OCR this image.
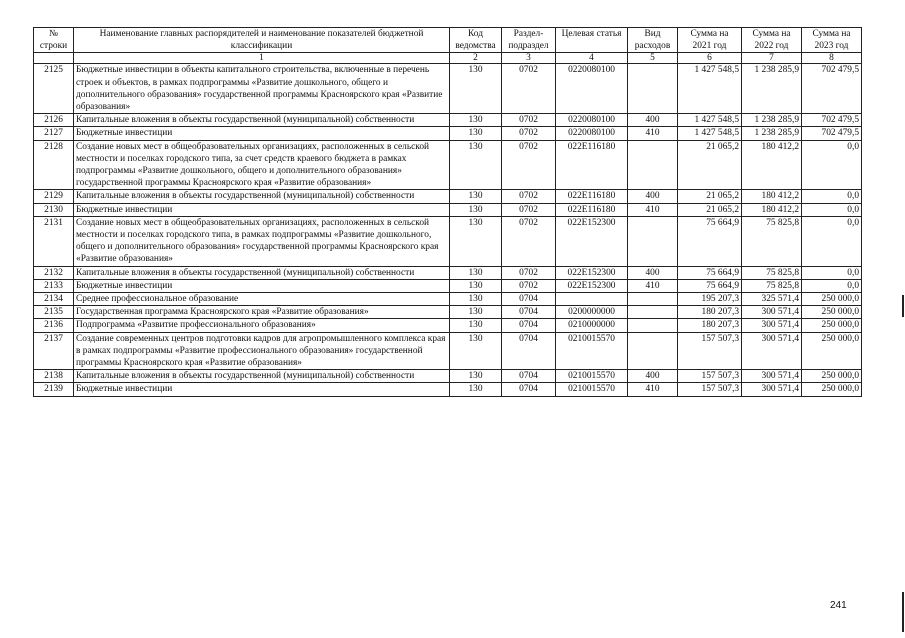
№ строки	Наименование главных распорядителей и наименование показателей бюджетной классификации	Код ведомства	Раздел-подраздел	Целевая статья	Вид расходов	Сумма на 2021 год	Сумма на 2022 год	Сумма на 2023 год
	1	2	3	4	5	6	7	8
2125	Бюджетные инвестиции в объекты капитального строительства, включенные в перечень строек и объектов, в рамках подпрограммы «Развитие дошкольного, общего и дополнительного образования» государственной программы Красноярского края «Развитие образования»	130	0702	0220080100		1 427 548,5	1 238 285,9	702 479,5
2126	Капитальные вложения в объекты государственной (муниципальной) собственности	130	0702	0220080100	400	1 427 548,5	1 238 285,9	702 479,5
2127	Бюджетные инвестиции	130	0702	0220080100	410	1 427 548,5	1 238 285,9	702 479,5
2128	Создание новых мест в общеобразовательных организациях, расположенных в сельской местности и поселках городского типа, за счет средств краевого бюджета в рамках подпрограммы «Развитие дошкольного, общего и дополнительного образования» государственной программы Красноярского края «Развитие образования»	130	0702	022E116180		21 065,2	180 412,2	0,0
2129	Капитальные вложения в объекты государственной (муниципальной) собственности	130	0702	022E116180	400	21 065,2	180 412,2	0,0
2130	Бюджетные инвестиции	130	0702	022E116180	410	21 065,2	180 412,2	0,0
2131	Создание новых мест в общеобразовательных организациях, расположенных в сельской местности и поселках городского типа, в рамках подпрограммы «Развитие дошкольного, общего и дополнительного образования» государственной программы Красноярского края «Развитие образования»	130	0702	022E152300		75 664,9	75 825,8	0,0
2132	Капитальные вложения в объекты государственной (муниципальной) собственности	130	0702	022E152300	400	75 664,9	75 825,8	0,0
2133	Бюджетные инвестиции	130	0702	022E152300	410	75 664,9	75 825,8	0,0
2134	Среднее профессиональное образование	130	0704			195 207,3	325 571,4	250 000,0
2135	Государственная программа Красноярского края «Развитие образования»	130	0704	0200000000		180 207,3	300 571,4	250 000,0
2136	Подпрограмма «Развитие профессионального образования»	130	0704	0210000000		180 207,3	300 571,4	250 000,0
2137	Создание современных центров подготовки кадров для агропромышленного комплекса края в рамках подпрограммы «Развитие профессионального образования» государственной программы Красноярского края «Развитие образования»	130	0704	0210015570		157 507,3	300 571,4	250 000,0
2138	Капитальные вложения в объекты государственной (муниципальной) собственности	130	0704	0210015570	400	157 507,3	300 571,4	250 000,0
2139	Бюджетные инвестиции	130	0704	0210015570	410	157 507,3	300 571,4	250 000,0
241
